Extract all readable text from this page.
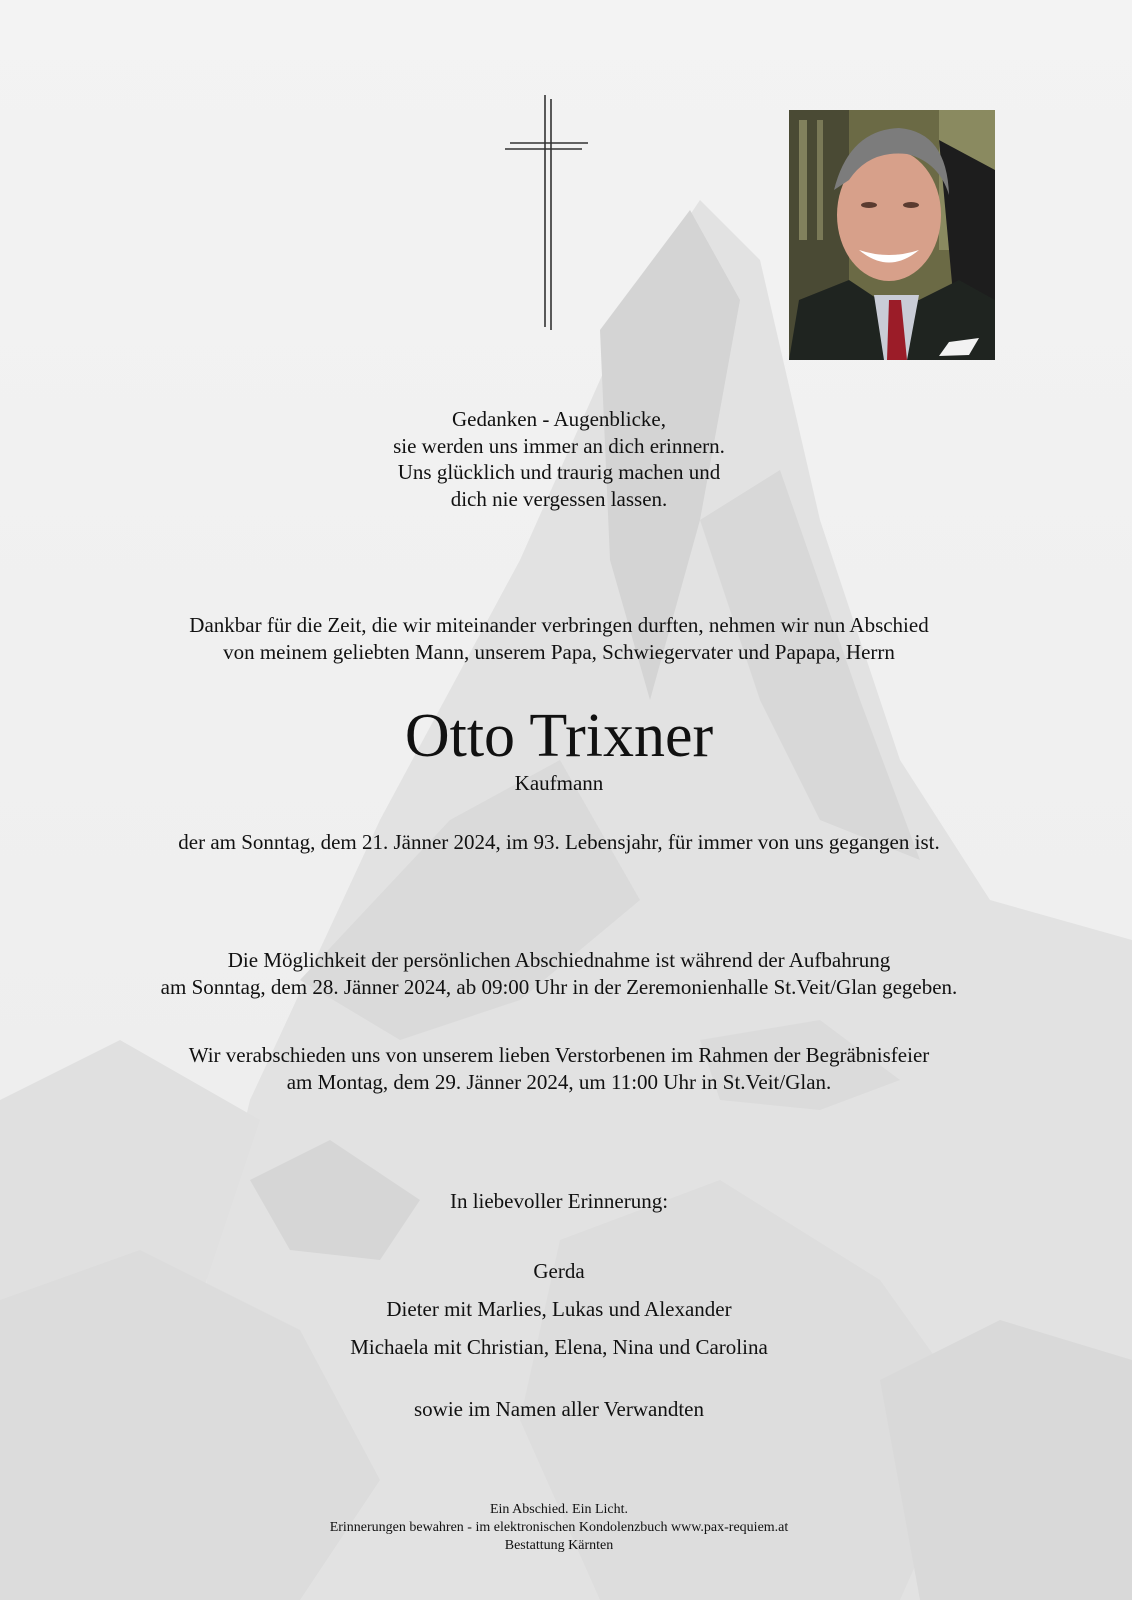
Gedanken - Augenblicke,
sie werden uns immer an dich erinnern.
Uns glücklich und traurig machen und
dich nie vergessen lassen.
Dankbar für die Zeit, die wir miteinander verbringen durften, nehmen wir nun Abschied
von meinem geliebten Mann, unserem Papa, Schwiegervater und Papapa, Herrn
Otto Trixner
Kaufmann
der am Sonntag, dem 21. Jänner 2024, im 93. Lebensjahr, für immer von uns gegangen ist.
Die Möglichkeit der persönlichen Abschiednahme ist während der Aufbahrung
am Sonntag, dem 28. Jänner 2024, ab 09:00 Uhr in der Zeremonienhalle St.Veit/Glan gegeben.
Wir verabschieden uns von unserem lieben Verstorbenen im Rahmen der Begräbnisfeier
am Montag, dem 29. Jänner 2024, um 11:00 Uhr in St.Veit/Glan.
In liebevoller Erinnerung:
Gerda
Dieter mit Marlies, Lukas und Alexander
Michaela mit Christian, Elena, Nina und Carolina
sowie im Namen aller Verwandten
Ein Abschied. Ein Licht.
Erinnerungen bewahren - im elektronischen Kondolenzbuch www.pax-requiem.at
Bestattung Kärnten
